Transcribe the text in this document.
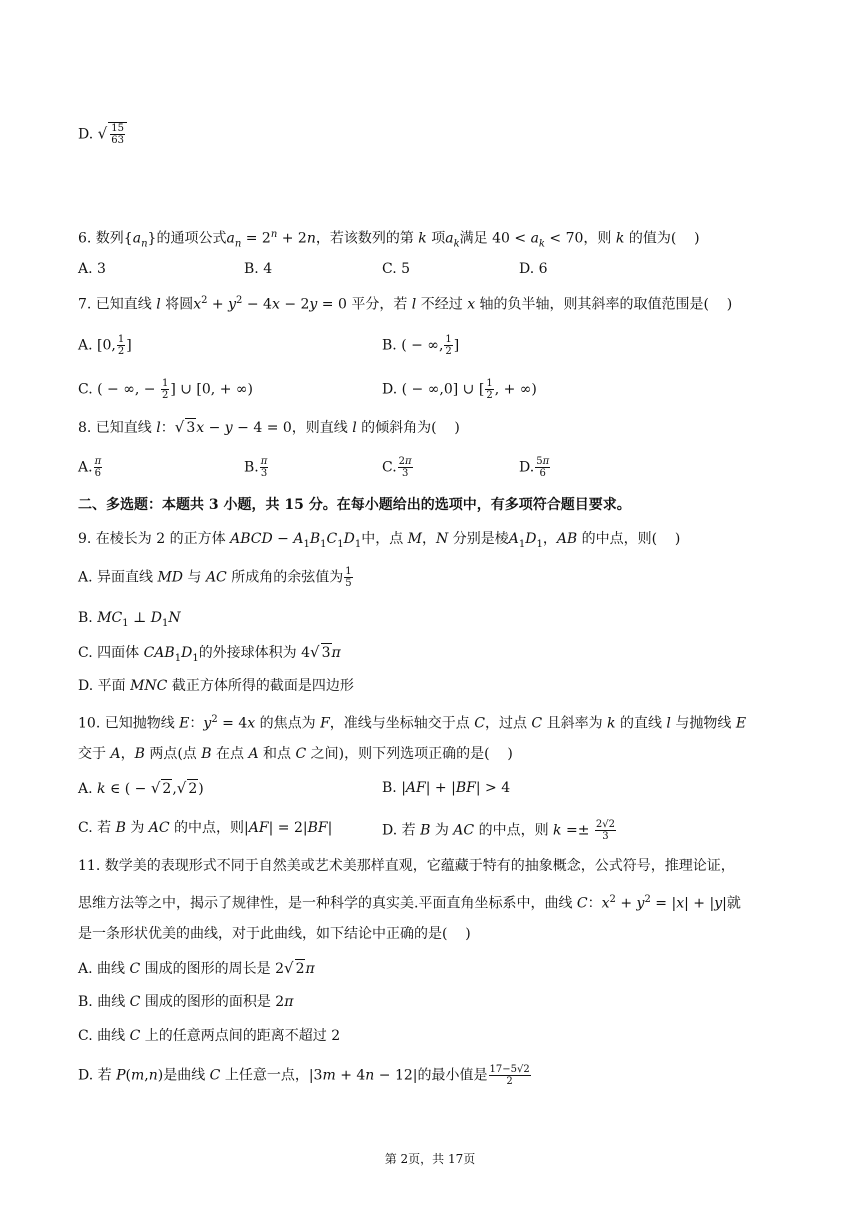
D. √ $\frac{15}{63}$
6. 数列$\{a_n\}$的通项公式$a_n = 2^n + 2n$，若该数列的第 k 项$a_k$满足 $40 < a_k < 70$，则 k 的值为(    )
A. 3	B. 4	C. 5	D. 6
7. 已知直线 l 将圆$x^2 + y^2 - 4x - 2y = 0$ 平分，若 l 不经过 x 轴的负半轴，则其斜率的取值范围是(    )
A. [0, $\frac{1}{2}$ ]	B. ( − ∞, $\frac{1}{2}$ ]
C. ( − ∞, − $\frac{1}{2}$ ] ∪ [0, + ∞)	D. ( − ∞,0] ∪ [ $\frac{1}{2}$ , + ∞)
8. 已知直线 l：√ 3x − y − 4 = 0，则直线 l 的倾斜角为(    )
A. $\frac{\pi}{6}$	B. $\frac{\pi}{3}$	C. $\frac{2\pi}{3}$	D. $\frac{5\pi}{6}$
二、多选题：本题共 3 小题，共 15 分。在每小题给出的选项中，有多项符合题目要求。
9. 在棱长为 2 的正方体 ABCD − $A_1B_1C_1D_1$中，点 M，N 分别是棱$A_1D_1$，AB 的中点，则(    )
A. 异面直线 MD 与 AC 所成角的余弦值为 $\frac{1}{5}$
B. $MC_1$ ⊥ $D_1N$
C. 四面体 $CAB_1D_1$的外接球体积为 4√ 3π
D. 平面 MNC 截正方体所得的截面是四边形
10. 已知抛物线 E：$y^2 = 4x$ 的焦点为 F，准线与坐标轴交于点 C，过点 C 且斜率为 k 的直线 l 与抛物线 E
交于 A，B 两点(点 B 在点 A 和点 C 之间)，则下列选项正确的是(    )
A. k ∈ ( − √ 2,√ 2)	B. |AF| + |BF| > 4
C. 若 B 为 AC 的中点，则|AF| = 2|BF|	D. 若 B 为 AC 的中点，则 $k =\pm \frac{2√2}{3}$
11. 数学美的表现形式不同于自然美或艺术美那样直观，它蕴藏于特有的抽象概念，公式符号，推理论证，
思维方法等之中，揭示了规律性，是一种科学的真实美.平面直角坐标系中，曲线 C：$x^2 + y^2 = |x| + |y|$就
是一条形状优美的曲线，对于此曲线，如下结论中正确的是(    )
A. 曲线 C 围成的图形的周长是 2√ 2π
B. 曲线 C 围成的图形的面积是 2π
C. 曲线 C 上的任意两点间的距离不超过 2
D. 若 P(m,n)是曲线 C 上任意一点，|3m + 4n − 12|的最小值是 $\frac{17-5√2}{2}$
第 2页，共 17页
